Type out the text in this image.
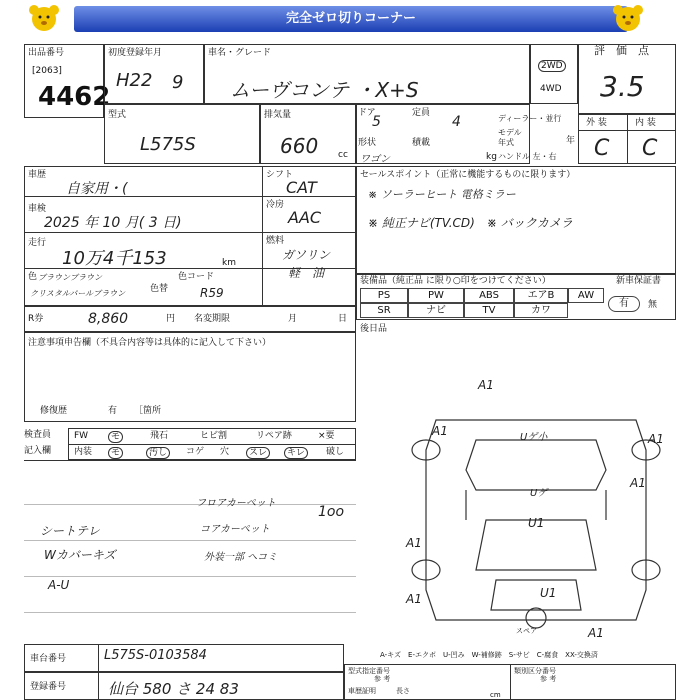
完全ゼロ切りコーナー
出品番号
[2063]
4462
初度登録年月
H22 9
車名・グレード
ムーヴコンテ ・X+S
2WD
4WD
評　価　点
3.5
外 装	内 装
C C
型式
L575S
排気量
660 cc
ドア
5
定員
4
形状
ワゴン
積載
kg
ディーラー・並行
モデル年式	年
ハンドル 左・右
車歴
自家用・(
シフト
CAT
車検
2025 年 10 月( 3 日)
冷房
AAC
走行
10万4千153	km
燃料
ガソリン
軽　油
色 ブラウンブラウン
クリスタルパールブラウン	色替
色コード
R59
セールスポイント（正常に機能するものに限ります）
※ ソーラーヒート 電格ミラー
※ 純正ナビ(TV.CD)　※ バックカメラ
装備品（純正品 に限り○印をつけてください）	新車保証書
PS	PW	ABS	エアB	AW
SR	ナビ	TV	カワ
有	無
R券	8,860	円 名変期限	月	日
後日品
注意事項申告欄（不具合内容等は具体的に記入して下さい）
修復歴	有 ［箇所
検査員
記入欄
FW	モ	飛石	ヒビ割	リペア跡	×要
内装	モ	汚し	コゲ 穴	スレ	キレ	破し
フロアカーペット
コアカーペット
1oo
シートテレ
Wカバーキズ	外装一部 ヘコミ
A-U
A1
A1	Uゲ小	A1
A1
Uゲ
U1
A1
U1
A1
A1
スペア
A-キズ　E-エクボ　U-凹み　W-補修跡　S-サビ　C-腐食　XX-交換済
車台番号	L575S-0103584
登録番号	仙台 580 さ 24 83
型式指定番号
参 考
類別区分番号
参 考
車歴証明	長さ	cm
